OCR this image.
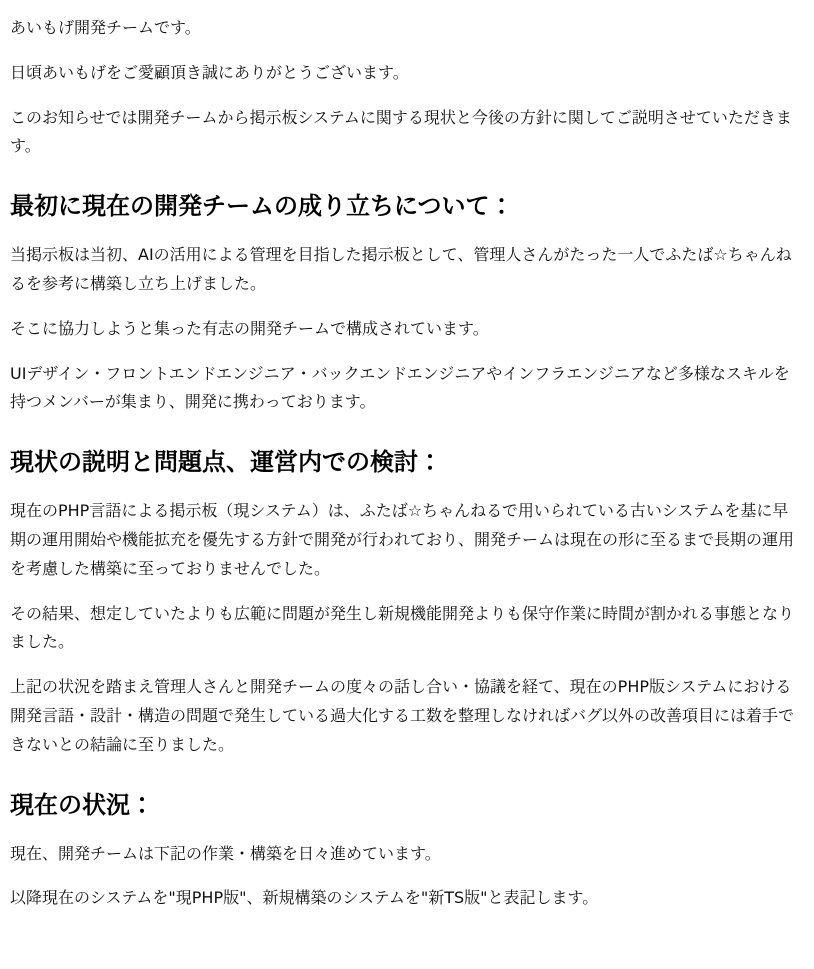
あいもげ開発チームです。

日頃あいもげをご愛顧頂き誠にありがとうございます。

このお知らせでは開発チームから掲示板システムに関する現状と今後の方針に関してご説明させていただきます。

最初に現在の開発チームの成り立ちについて：

当掲示板は当初、AIの活用による管理を目指した掲示板として、管理人さんがたった一人でふたば☆ちゃんねるを参考に構築し立ち上げました。

そこに協力しようと集った有志の開発チームで構成されています。

UIデザイン・フロントエンドエンジニア・バックエンドエンジニアやインフラエンジニアなど多様なスキルを持つメンバーが集まり、開発に携わっております。

現状の説明と問題点、運営内での検討：

現在のPHP言語による掲示板（現システム）は、ふたば☆ちゃんねるで用いられている古いシステムを基に早期の運用開始や機能拡充を優先する方針で開発が行われており、開発チームは現在の形に至るまで長期の運用を考慮した構築に至っておりませんでした。

その結果、想定していたよりも広範に問題が発生し新規機能開発よりも保守作業に時間が割かれる事態となりました。

上記の状況を踏まえ管理人さんと開発チームの度々の話し合い・協議を経て、現在のPHP版システムにおける開発言語・設計・構造の問題で発生している過大化する工数を整理しなければバグ以外の改善項目には着手できないとの結論に至りました。

現在の状況：

現在、開発チームは下記の作業・構築を日々進めています。

以降現在のシステムを"現PHP版"、新規構築のシステムを"新TS版"と表記します。
